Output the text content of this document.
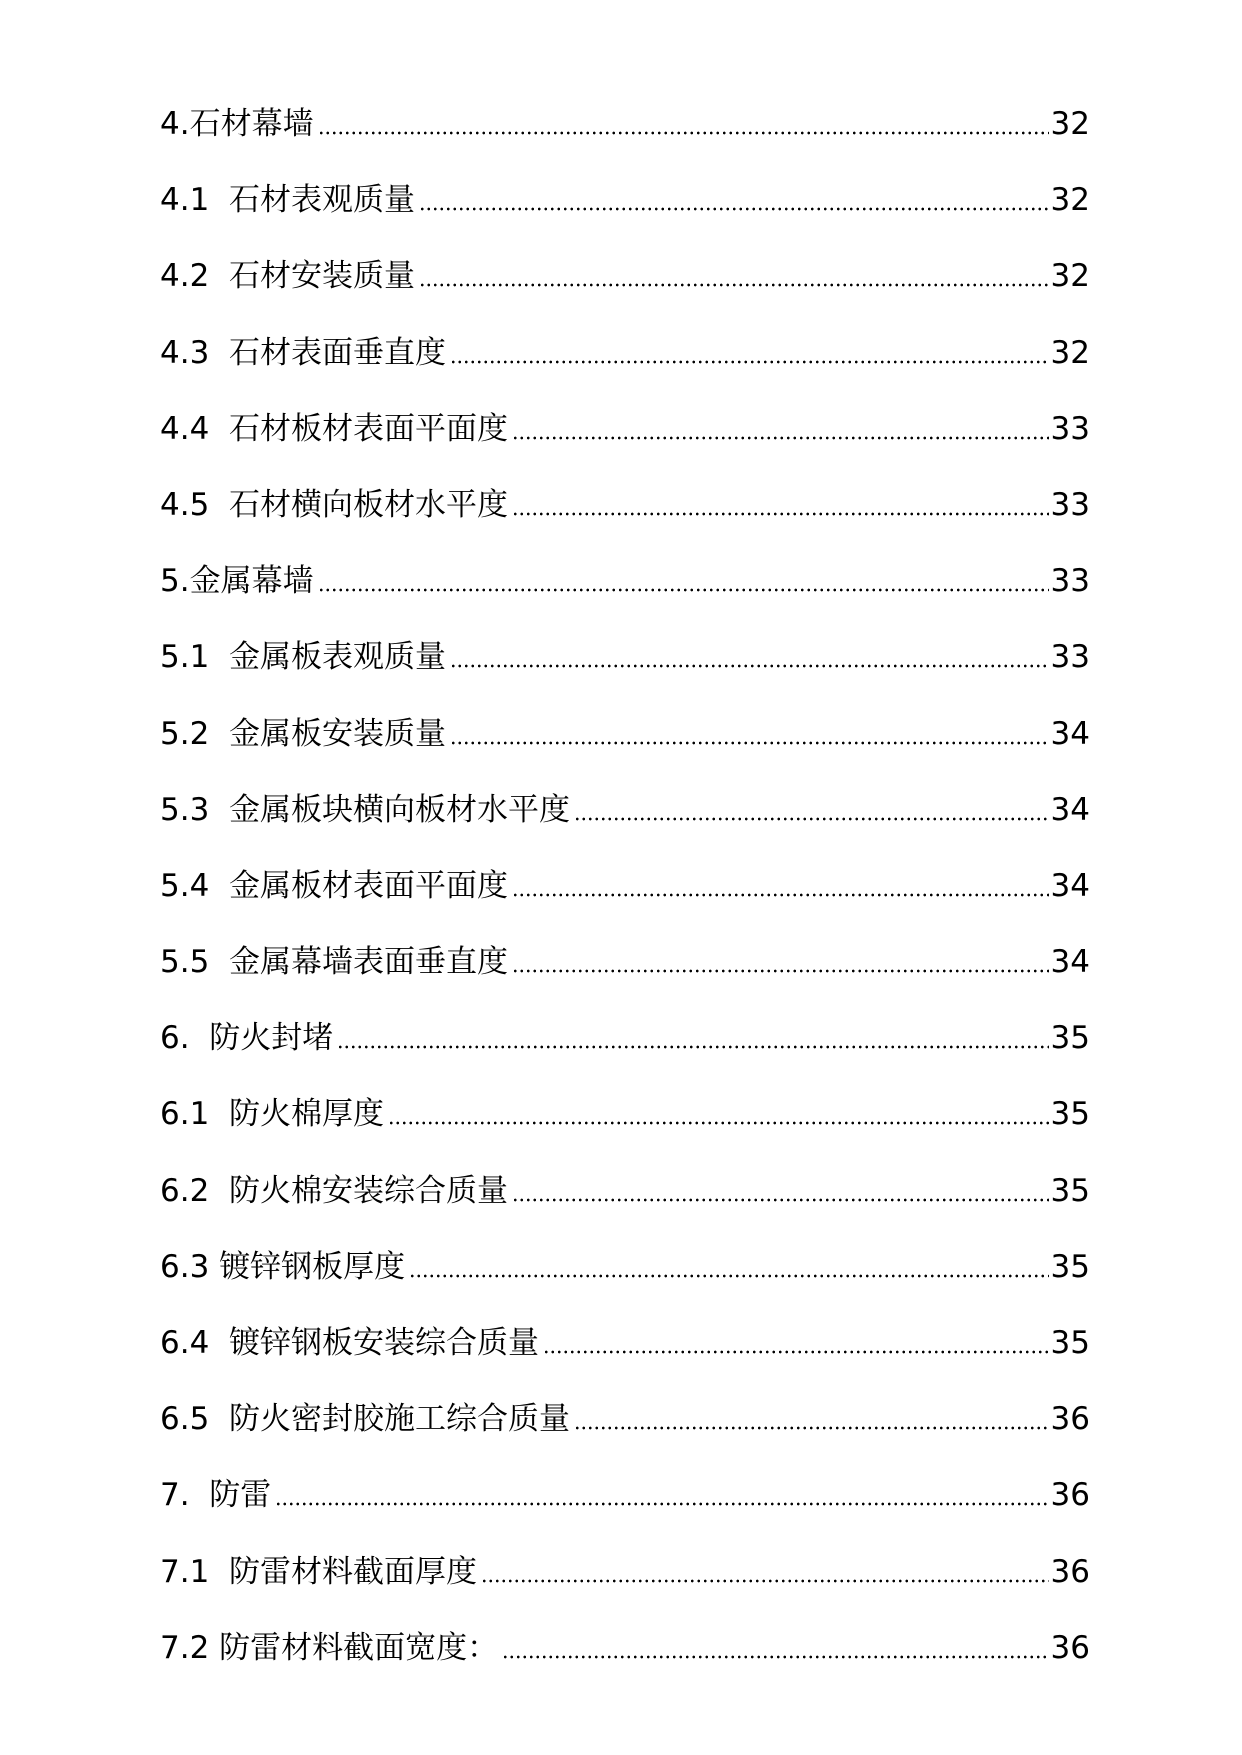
4.石材幕墙	32
4.1  石材表观质量	32
4.2  石材安装质量	32
4.3  石材表面垂直度	32
4.4  石材板材表面平面度	33
4.5  石材横向板材水平度	33
5.金属幕墙	33
5.1  金属板表观质量	33
5.2  金属板安装质量	34
5.3  金属板块横向板材水平度	34
5.4  金属板材表面平面度	34
5.5  金属幕墙表面垂直度	34
6.  防火封堵	35
6.1  防火棉厚度	35
6.2  防火棉安装综合质量	35
6.3 镀锌钢板厚度	35
6.4  镀锌钢板安装综合质量	35
6.5  防火密封胶施工综合质量	36
7.  防雷	36
7.1  防雷材料截面厚度	36
7.2 防雷材料截面宽度：	36
